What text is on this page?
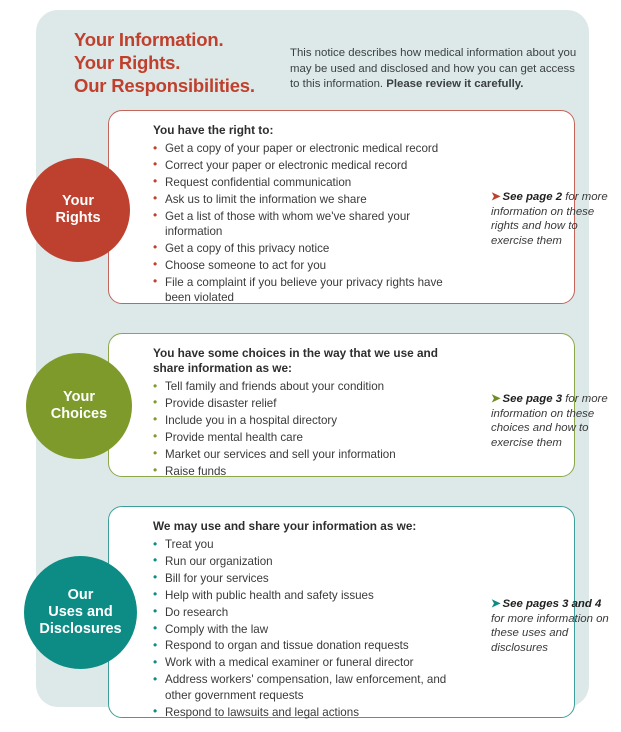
Your Information.
Your Rights.
Our Responsibilities.
This notice describes how medical information about you may be used and disclosed and how you can get access to this information. Please review it carefully.
Your
Rights
You have the right to:
• Get a copy of your paper or electronic medical record
• Correct your paper or electronic medical record
• Request confidential communication
• Ask us to limit the information we share
• Get a list of those with whom we've shared your information
• Get a copy of this privacy notice
• Choose someone to act for you
• File a complaint if you believe your privacy rights have been violated
➤ See page 2 for more information on these rights and how to exercise them
Your
Choices
You have some choices in the way that we use and share information as we:
• Tell family and friends about your condition
• Provide disaster relief
• Include you in a hospital directory
• Provide mental health care
• Market our services and sell your information
• Raise funds
➤ See page 3 for more information on these choices and how to exercise them
Our
Uses and
Disclosures
We may use and share your information as we:
• Treat you
• Run our organization
• Bill for your services
• Help with public health and safety issues
• Do research
• Comply with the law
• Respond to organ and tissue donation requests
• Work with a medical examiner or funeral director
• Address workers' compensation, law enforcement, and other government requests
• Respond to lawsuits and legal actions
➤ See pages 3 and 4 for more information on these uses and disclosures
